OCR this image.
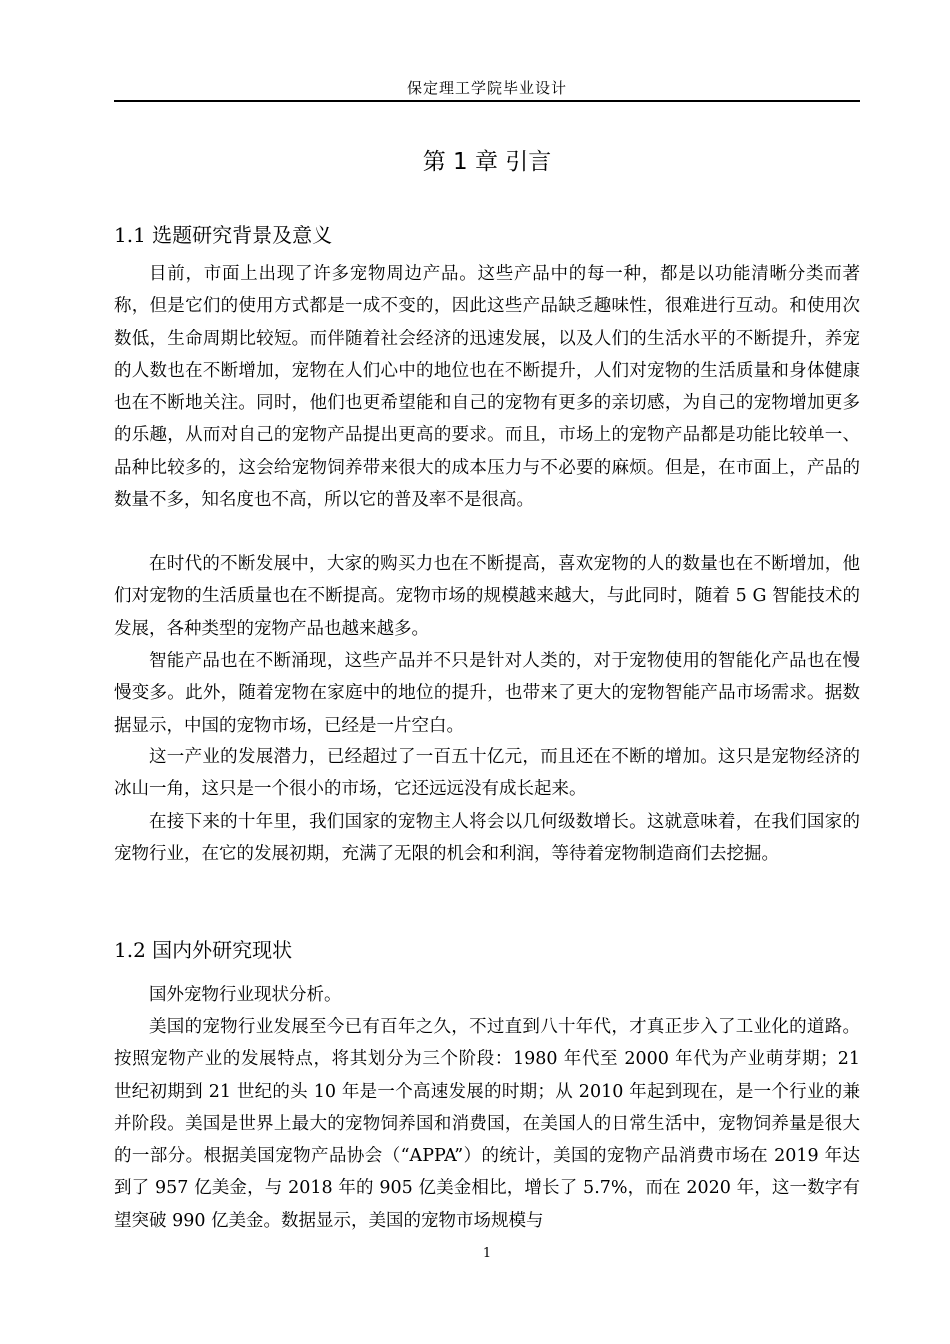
保定理工学院毕业设计
第 1 章 引言
1.1 选题研究背景及意义

目前，市面上出现了许多宠物周边产品。这些产品中的每一种，都是以功能清晰分类而著称，但是它们的使用方式都是一成不变的，因此这些产品缺乏趣味性，很难进行互动。和使用次数低，生命周期比较短。而伴随着社会经济的迅速发展，以及人们的生活水平的不断提升，养宠的人数也在不断增加，宠物在人们心中的地位也在不断提升，人们对宠物的生活质量和身体健康也在不断地关注。同时，他们也更希望能和自己的宠物有更多的亲切感，为自己的宠物增加更多的乐趣，从而对自己的宠物产品提出更高的要求。而且，市场上的宠物产品都是功能比较单一、品种比较多的，这会给宠物饲养带来很大的成本压力与不必要的麻烦。但是，在市面上，产品的数量不多，知名度也不高，所以它的普及率不是很高。

在时代的不断发展中，大家的购买力也在不断提高，喜欢宠物的人的数量也在不断增加，他们对宠物的生活质量也在不断提高。宠物市场的规模越来越大，与此同时，随着 5 G 智能技术的发展，各种类型的宠物产品也越来越多。

智能产品也在不断涌现，这些产品并不只是针对人类的，对于宠物使用的智能化产品也在慢慢变多。此外，随着宠物在家庭中的地位的提升，也带来了更大的宠物智能产品市场需求。据数据显示，中国的宠物市场，已经是一片空白。

这一产业的发展潜力，已经超过了一百五十亿元，而且还在不断的增加。这只是宠物经济的冰山一角，这只是一个很小的市场，它还远远没有成长起来。

在接下来的十年里，我们国家的宠物主人将会以几何级数增长。这就意味着，在我们国家的宠物行业，在它的发展初期，充满了无限的机会和利润，等待着宠物制造商们去挖掘。

1.2 国内外研究现状

国外宠物行业现状分析。

美国的宠物行业发展至今已有百年之久，不过直到八十年代，才真正步入了工业化的道路。按照宠物产业的发展特点，将其划分为三个阶段：1980 年代至 2000 年代为产业萌芽期；21 世纪初期到 21 世纪的头 10 年是一个高速发展的时期；从 2010 年起到现在，是一个行业的兼并阶段。美国是世界上最大的宠物饲养国和消费国，在美国人的日常生活中，宠物饲养量是很大的一部分。根据美国宠物产品协会（“APPA”）的统计，美国的宠物产品消费市场在 2019 年达到了 957 亿美金，与 2018 年的 905 亿美金相比，增长了 5.7%，而在 2020 年，这一数字有望突破 990 亿美金。数据显示，美国的宠物市场规模与

1
